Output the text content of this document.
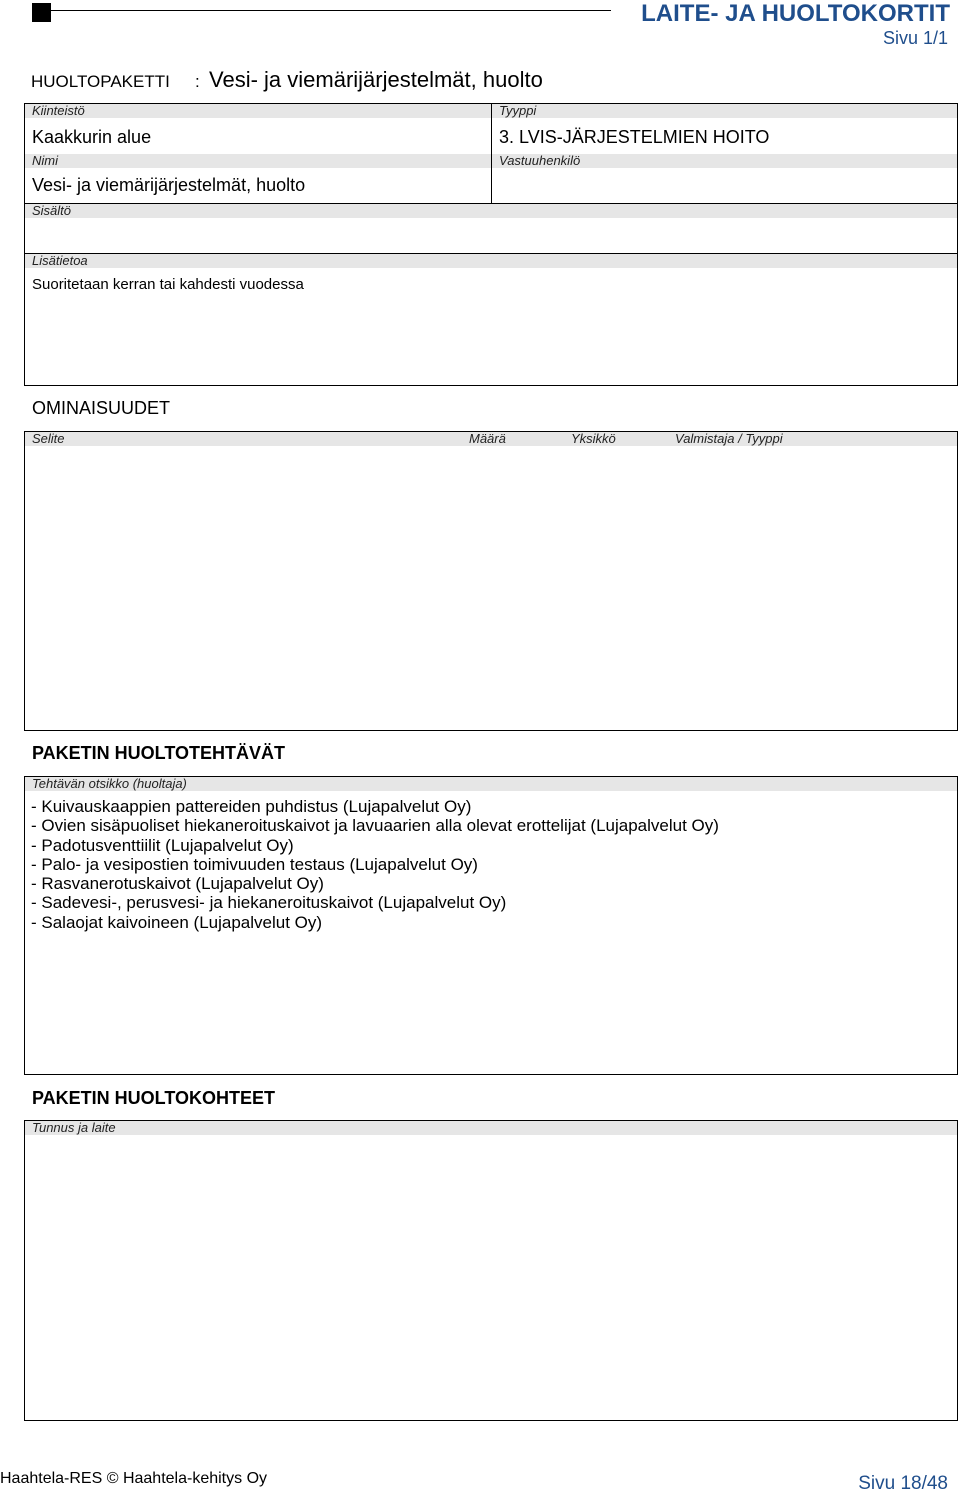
LAITE- JA HUOLTOKORTIT
Sivu 1/1
HUOLTOPAKETTI : Vesi- ja viemärijärjestelmät, huolto
Kiinteistö
Kaakkurin alue
Tyyppi
3. LVIS-JÄRJESTELMIEN HOITO
Nimi
Vesi- ja viemärijärjestelmät, huolto
Vastuuhenkilö
Sisältö
Lisätietoa
Suoritetaan kerran tai kahdesti vuodessa
OMINAISUUDET
Selite	Määrä	Yksikkö	Valmistaja / Tyyppi
PAKETIN HUOLTOTEHTÄVÄT
Tehtävän otsikko (huoltaja)
- Kuivauskaappien pattereiden puhdistus (Lujapalvelut Oy)
- Ovien sisäpuoliset hiekaneroituskaivot ja lavuaarien alla olevat erottelijat (Lujapalvelut Oy)
- Padotusventtiilit (Lujapalvelut Oy)
- Palo- ja vesipostien toimivuuden testaus (Lujapalvelut Oy)
- Rasvanerotuskaivot (Lujapalvelut Oy)
- Sadevesi-, perusvesi- ja hiekaneroituskaivot (Lujapalvelut Oy)
- Salaojat kaivoineen (Lujapalvelut Oy)
PAKETIN HUOLTOKOHTEET
Tunnus ja laite
Haahtela-RES © Haahtela-kehitys Oy	Sivu 18/48
